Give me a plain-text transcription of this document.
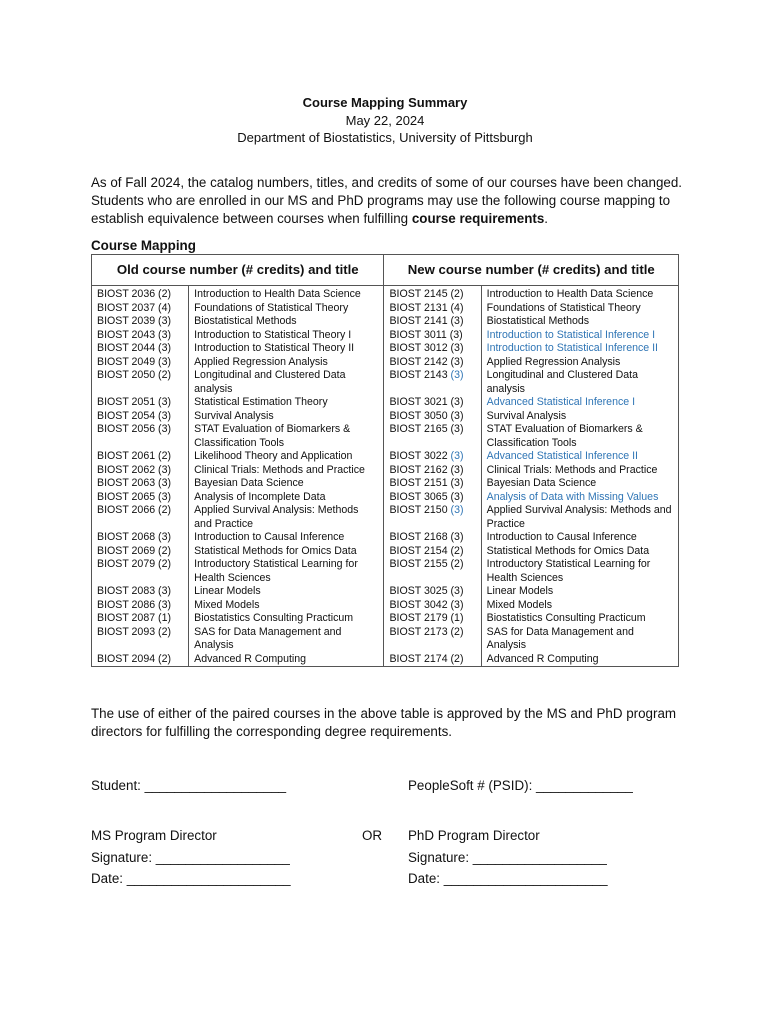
Course Mapping Summary
May 22, 2024
Department of Biostatistics, University of Pittsburgh
As of Fall 2024, the catalog numbers, titles, and credits of some of our courses have been changed. Students who are enrolled in our MS and PhD programs may use the following course mapping to establish equivalence between courses when fulfilling course requirements.
Course Mapping
Old course number (# credits) and title		New course number (# credits) and title	
BIOST 2036 (2)	Introduction to Health Data Science	BIOST 2145 (2)	Introduction to Health Data Science
BIOST 2037 (4)	Foundations of Statistical Theory	BIOST 2131 (4)	Foundations of Statistical Theory
BIOST 2039 (3)	Biostatistical Methods	BIOST 2141 (3)	Biostatistical Methods
BIOST 2043 (3)	Introduction to Statistical Theory I	BIOST 3011 (3)	Introduction to Statistical Inference I
BIOST 2044 (3)	Introduction to Statistical Theory II	BIOST 3012 (3)	Introduction to Statistical Inference II
BIOST 2049 (3)	Applied Regression Analysis	BIOST 2142 (3)	Applied Regression Analysis
BIOST 2050 (2)	Longitudinal and Clustered Data analysis	BIOST 2143 (3)	Longitudinal and Clustered Data analysis
BIOST 2051 (3)	Statistical Estimation Theory	BIOST 3021 (3)	Advanced Statistical Inference I
BIOST 2054 (3)	Survival Analysis	BIOST 3050 (3)	Survival Analysis
BIOST 2056 (3)	STAT Evaluation of Biomarkers & Classification Tools	BIOST 2165 (3)	STAT Evaluation of Biomarkers & Classification Tools
BIOST 2061 (2)	Likelihood Theory and Application	BIOST 3022 (3)	Advanced Statistical Inference II
BIOST 2062 (3)	Clinical Trials: Methods and Practice	BIOST 2162 (3)	Clinical Trials: Methods and Practice
BIOST 2063 (3)	Bayesian Data Science	BIOST 2151 (3)	Bayesian Data Science
BIOST 2065 (3)	Analysis of Incomplete Data	BIOST 3065 (3)	Analysis of Data with Missing Values
BIOST 2066 (2)	Applied Survival Analysis: Methods and Practice	BIOST 2150 (3)	Applied Survival Analysis: Methods and Practice
BIOST 2068 (3)	Introduction to Causal Inference	BIOST 2168 (3)	Introduction to Causal Inference
BIOST 2069 (2)	Statistical Methods for Omics Data	BIOST 2154 (2)	Statistical Methods for Omics Data
BIOST 2079 (2)	Introductory Statistical Learning for Health Sciences	BIOST 2155 (2)	Introductory Statistical Learning for Health Sciences
BIOST 2083 (3)	Linear Models	BIOST 3025 (3)	Linear Models
BIOST 2086 (3)	Mixed Models	BIOST 3042 (3)	Mixed Models
BIOST 2087 (1)	Biostatistics Consulting Practicum	BIOST 2179 (1)	Biostatistics Consulting Practicum
BIOST 2093 (2)	SAS for Data Management and Analysis	BIOST 2173 (2)	SAS for Data Management and Analysis
BIOST 2094 (2)	Advanced R Computing	BIOST 2174 (2)	Advanced R Computing
The use of either of the paired courses in the above table is approved by the MS and PhD program directors for fulfilling the corresponding degree requirements.
Student: ___________________	PeopleSoft # (PSID): _____________
MS Program Director
Signature: __________________
Date: ______________________
OR PhD Program Director
Signature: __________________
Date: ______________________
